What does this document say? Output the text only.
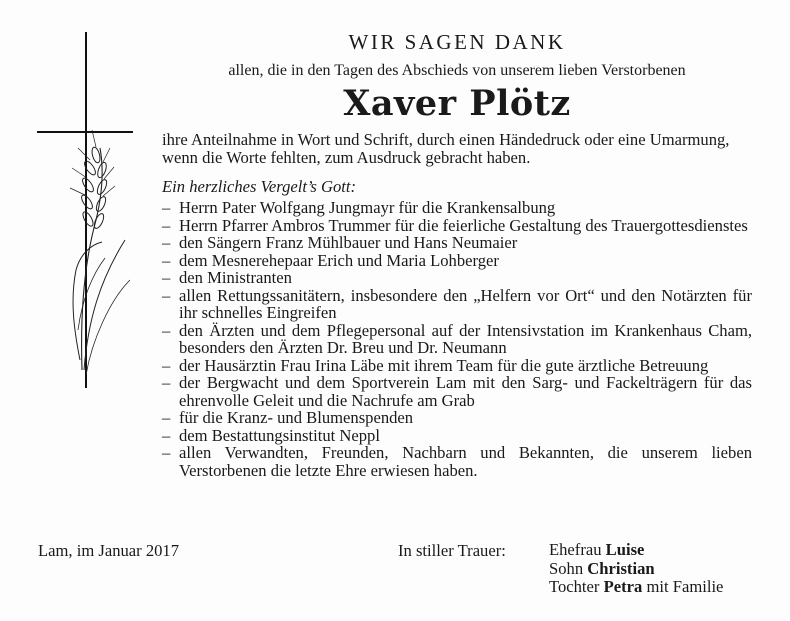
WIR SAGEN DANK
allen, die in den Tagen des Abschieds von unserem lieben Verstorbenen
Xaver Plötz
ihre Anteilnahme in Wort und Schrift, durch einen Händedruck oder eine Umarmung, wenn die Worte fehlten, zum Ausdruck gebracht haben.
Ein herzliches Vergelt’s Gott:
– Herrn Pater Wolfgang Jungmayr für die Krankensalbung
– Herrn Pfarrer Ambros Trummer für die feierliche Gestaltung des Trauergottesdienstes
– den Sängern Franz Mühlbauer und Hans Neumaier
– dem Mesnerehepaar Erich und Maria Lohberger
– den Ministranten
– allen Rettungssanitätern, insbesondere den „Helfern vor Ort“ und den Notärzten für ihr schnelles Eingreifen
– den Ärzten und dem Pflegepersonal auf der Intensivstation im Krankenhaus Cham, besonders den Ärzten Dr. Breu und Dr. Neumann
– der Hausärztin Frau Irina Läbe mit ihrem Team für die gute ärztliche Betreuung
– der Bergwacht und dem Sportverein Lam mit den Sarg- und Fackelträgern für das ehrenvolle Geleit und die Nachrufe am Grab
– für die Kranz- und Blumenspenden
– dem Bestattungsinstitut Neppl
– allen Verwandten, Freunden, Nachbarn und Bekannten, die unserem lieben Verstorbenen die letzte Ehre erwiesen haben.
Lam, im Januar 2017	In stiller Trauer:	Ehefrau Luise
Sohn Christian
Tochter Petra mit Familie
